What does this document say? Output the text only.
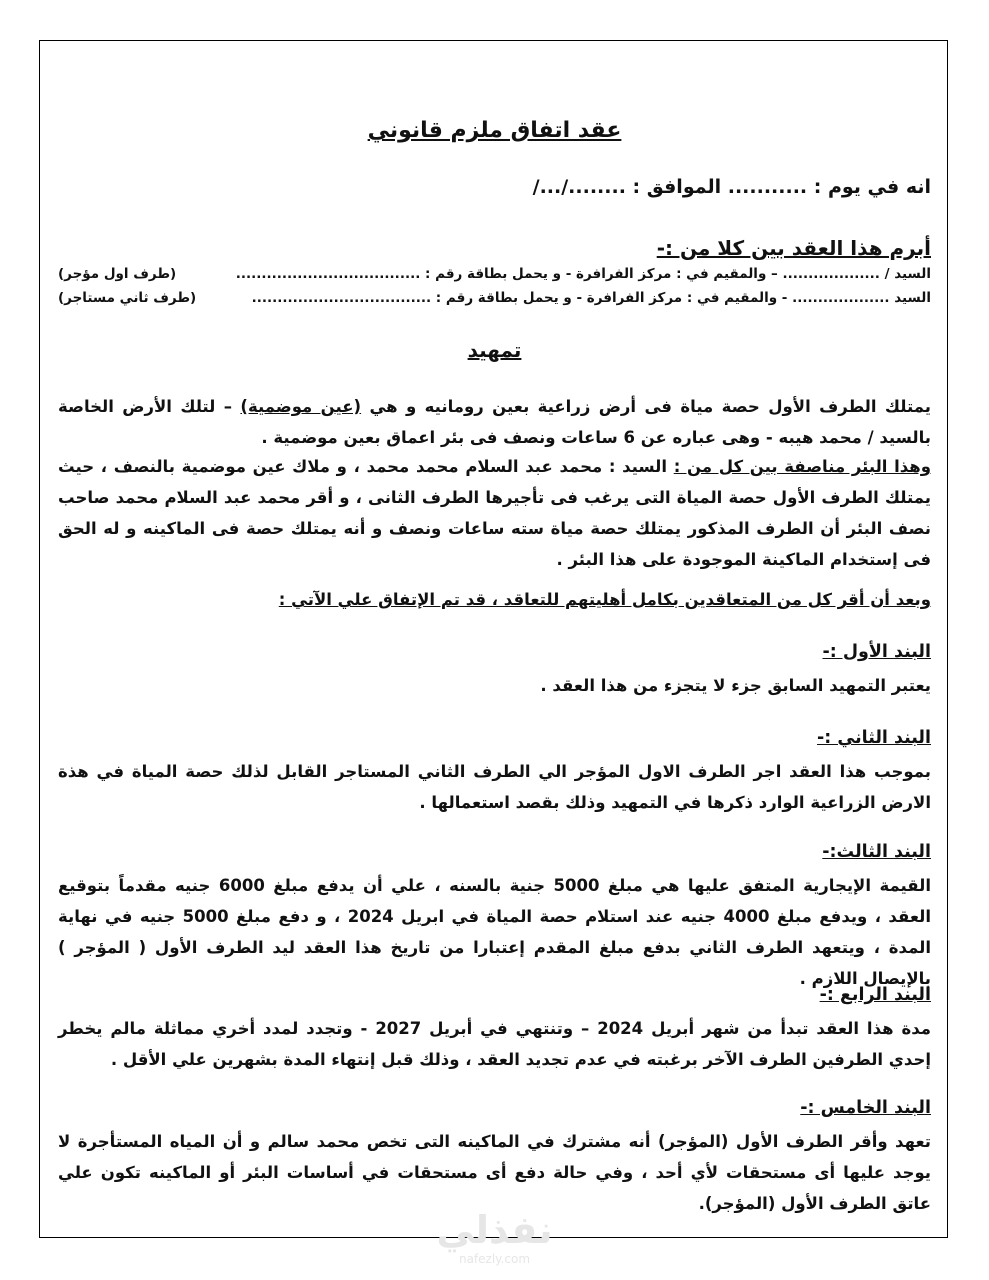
عقد اتفاق ملزم قانوني
انه في يوم : ........... الموافق : ......../.../
أبرم هذا العقد بين كلا من :-
السيد / ................... – والمقيم في : مركز الفرافرة - و يحمل بطاقة رقم : ....................................
(طرف اول مؤجر)
السيد ................... - والمقيم في : مركز الفرافرة - و يحمل بطاقة رقم : ...................................
(طرف ثاني مستاجر)
تمهيد
يمتلك الطرف الأول حصة مياة فى أرض زراعية بعين رومانيه و هي (عين موضمية) – لتلك الأرض الخاصة بالسيد / محمد هيبه - وهى عباره عن 6 ساعات ونصف فى بئر اعماق بعين موضمية .
وهذا البئر مناصفة بين كل من : السيد : محمد عبد السلام محمد محمد ، و ملاك عين موضمية بالنصف ، حيث يمتلك الطرف الأول حصة المياة التى يرغب فى تأجيرها الطرف الثانى ، و أقر محمد عبد السلام محمد صاحب نصف البئر أن الطرف المذكور يمتلك حصة مياة سته ساعات ونصف و أنه يمتلك حصة فى الماكينه و له الحق فى إستخدام الماكينة الموجودة على هذا البئر .
وبعد أن أقر كل من المتعاقدين بكامل أهليتهم للتعاقد ، قد تم الإتفاق علي الآتي :
البند الأول :-
يعتبر التمهيد السابق جزء لا يتجزء من هذا العقد .
البند الثاني :-
بموجب هذا العقد اجر الطرف الاول المؤجر الي الطرف الثاني المستاجر القابل لذلك حصة المياة في هذة الارض الزراعية الوارد ذكرها في التمهيد وذلك بقصد استعمالها .
البند الثالث:-
القيمة الإيجارية المتفق عليها هي مبلغ 5000 جنية بالسنه ، علي أن يدفع مبلغ 6000 جنيه مقدماً بتوقيع العقد ، ويدفع مبلغ 4000 جنيه عند استلام حصة المياة في ابريل 2024 ، و دفع مبلغ 5000 جنيه في نهاية المدة ، ويتعهد الطرف الثاني بدفع مبلغ المقدم إعتبارا من تاريخ هذا العقد ليد الطرف الأول ( المؤجر ) بالإيصال اللازم .
البند الرابع :-
مدة هذا العقد تبدأ من شهر أبريل 2024 – وتنتهي في أبريل 2027 - وتجدد لمدد أخري مماثلة مالم يخطر إحدي الطرفين الطرف الآخر برغبته في عدم تجديد العقد ، وذلك قبل إنتهاء المدة بشهرين علي الأقل .
البند الخامس :-
تعهد وأقر الطرف الأول (المؤجر) أنه مشترك في الماكينه التى تخص محمد سالم و أن المياه المستأجرة لا يوجد عليها أى مستحقات لأي أحد ، وفي حالة دفع أى مستحقات في أساسات البئر أو الماكينه تكون علي عاتق الطرف الأول (المؤجر).
نفذلي
nafezly.com
